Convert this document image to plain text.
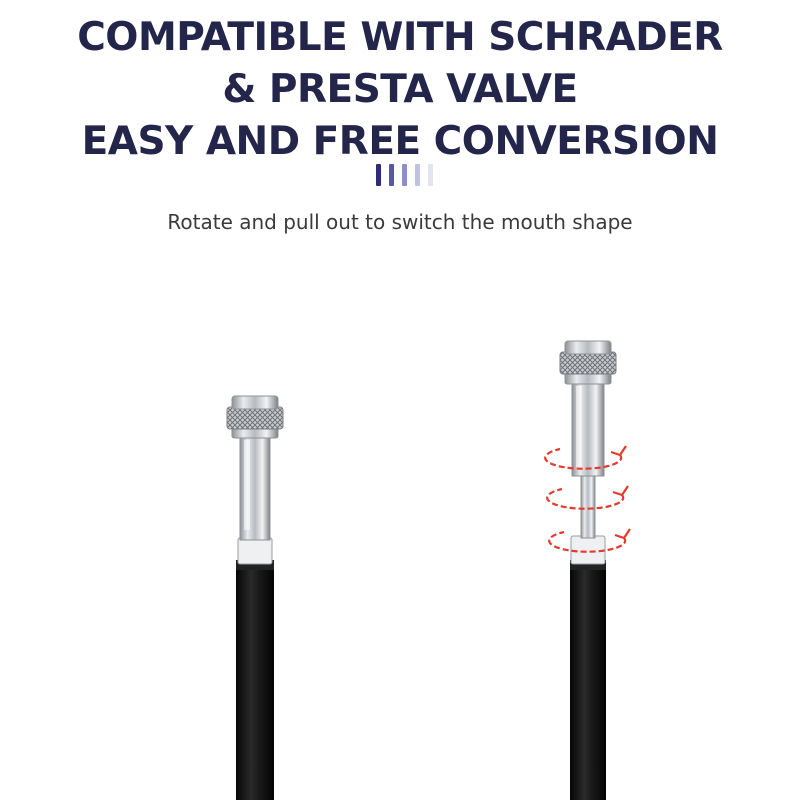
COMPATIBLE WITH SCHRADER
& PRESTA VALVE
EASY AND FREE CONVERSION
Rotate and pull out to switch the mouth shape
